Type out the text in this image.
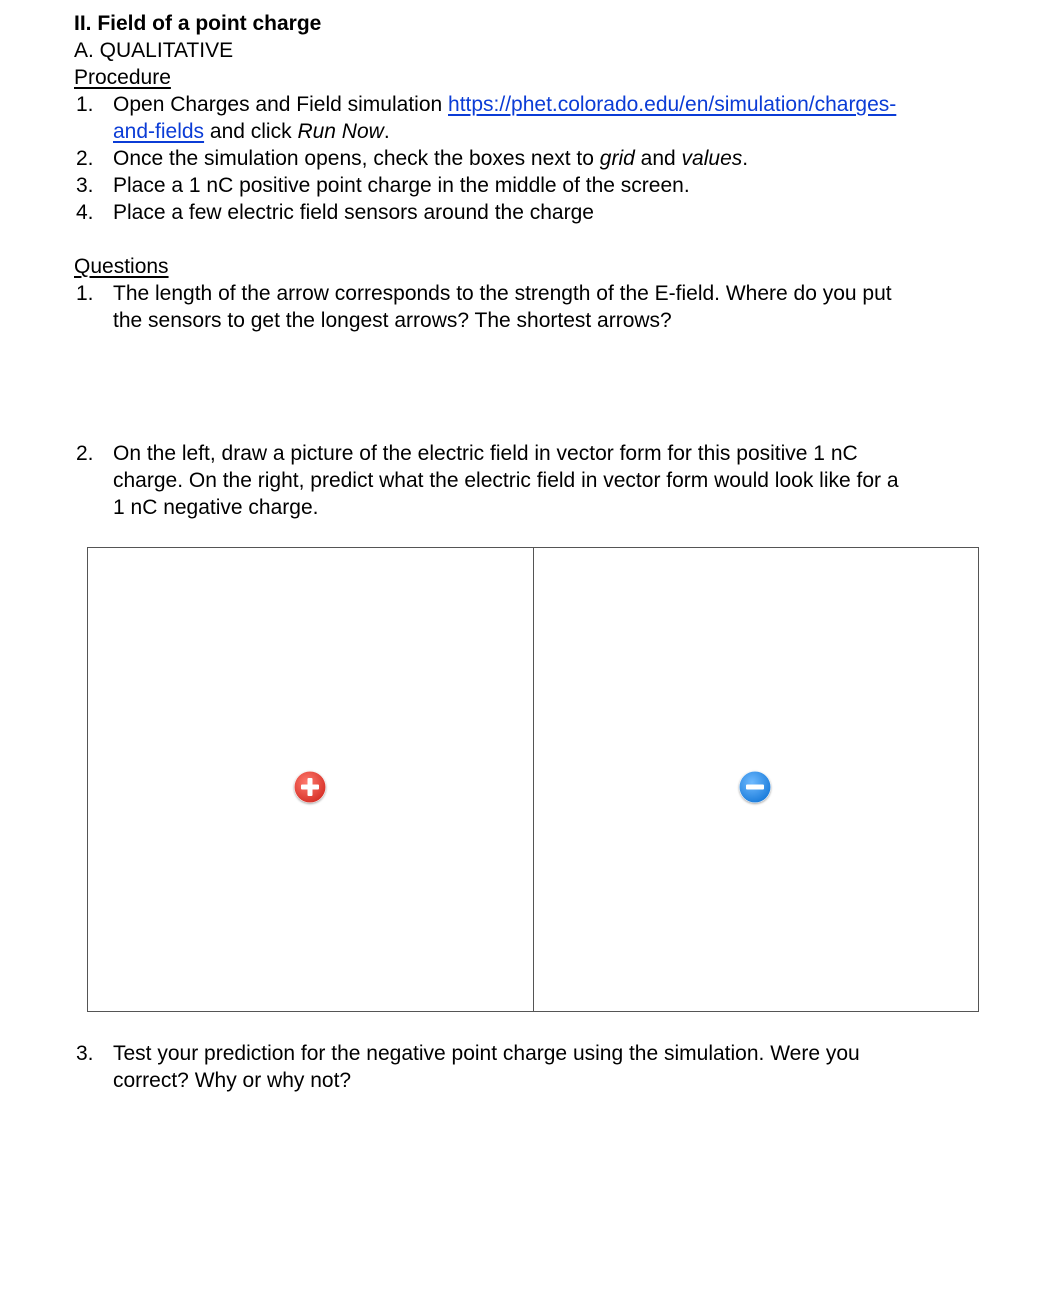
II. Field of a point charge
A. QUALITATIVE
Procedure
1. Open Charges and Field simulation https://phet.colorado.edu/en/simulation/charges-
and-fields and click Run Now.
2. Once the simulation opens, check the boxes next to grid and values.
3. Place a 1 nC positive point charge in the middle of the screen.
4. Place a few electric field sensors around the charge
Questions
1. The length of the arrow corresponds to the strength of the E-field. Where do you put
the sensors to get the longest arrows? The shortest arrows?
2. On the left, draw a picture of the electric field in vector form for this positive 1 nC
charge. On the right, predict what the electric field in vector form would look like for a
1 nC negative charge.
3. Test your prediction for the negative point charge using the simulation. Were you
correct? Why or why not?
